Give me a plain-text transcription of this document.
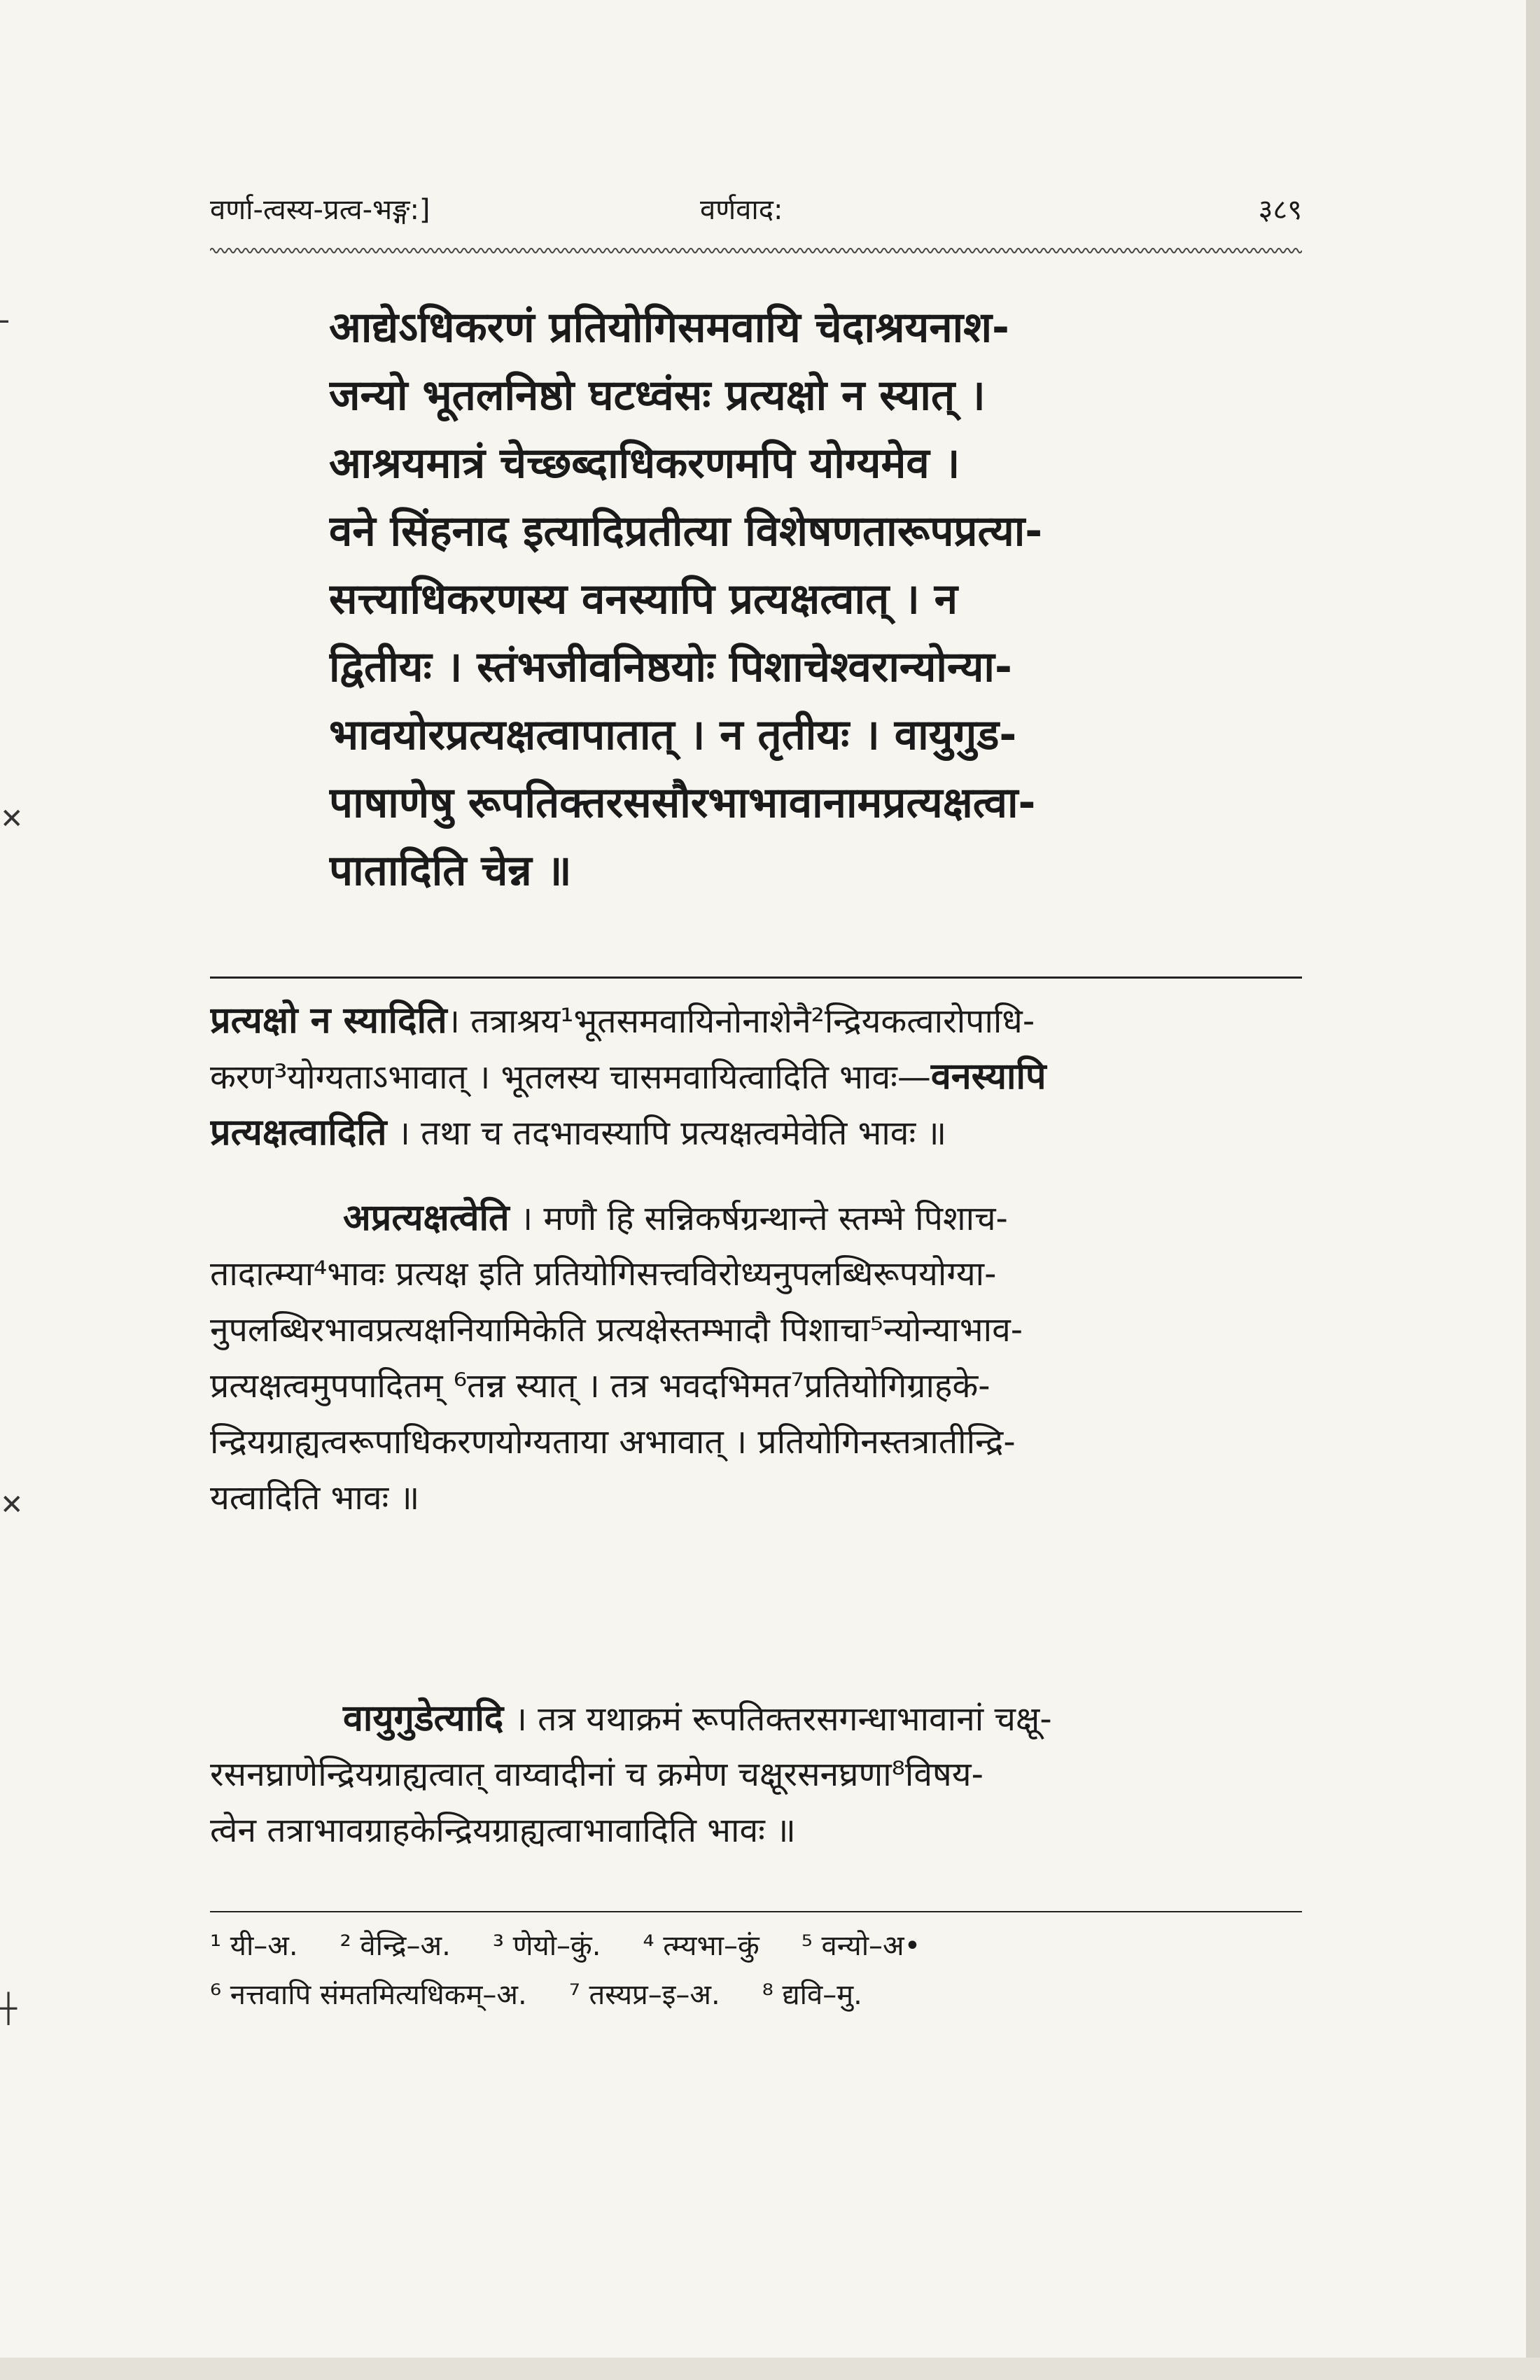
╴
✕
✕
┼
वर्णा-त्वस्य-प्रत्व-भङ्ग:]	वर्णवाद:	३८९
आद्येऽधिकरणं प्रतियोगिसमवायि चेदाश्रयनाश-
जन्यो भूतलनिष्ठो घटध्वंसः प्रत्यक्षो न स्यात् ।
आश्रयमात्रं चेच्छब्दाधिकरणमपि योग्यमेव ।
वने सिंहनाद इत्यादिप्रतीत्या विशेषणतारूपप्रत्या-
सत्त्याधिकरणस्य वनस्यापि प्रत्यक्षत्वात् । न
द्वितीयः । स्तंभजीवनिष्ठयोः पिशाचेश्वरान्योन्या-
भावयोरप्रत्यक्षत्वापातात् । न तृतीयः । वायुगुड-
पाषाणेषु रूपतिक्तरससौरभाभावानामप्रत्यक्षत्वा-
पातादिति चेन्न ॥
प्रत्यक्षो न स्यादिति। तत्राश्रय¹भूतसमवायिनोनाशेनै²न्द्रियकत्वारोपाधि-
करण³योग्यताऽभावात् । भूतलस्य चासमवायित्वादिति भावः—वनस्यापि
प्रत्यक्षत्वादिति । तथा च तदभावस्यापि प्रत्यक्षत्वमेवेति भावः ॥
अप्रत्यक्षत्वेति । मणौ हि सन्निकर्षग्रन्थान्ते स्तम्भे पिशाच-
तादात्म्या⁴भावः प्रत्यक्ष इति प्रतियोगिसत्त्वविरोध्यनुपलब्धिरूपयोग्या-
नुपलब्धिरभावप्रत्यक्षनियामिकेति प्रत्यक्षेस्तम्भादौ पिशाचा⁵न्योन्याभाव-
प्रत्यक्षत्वमुपपादितम् ⁶तन्न स्यात् । तत्र भवदभिमत⁷प्रतियोगिग्राहके-
न्द्रियग्राह्यत्वरूपाधिकरणयोग्यताया अभावात् । प्रतियोगिनस्तत्रातीन्द्रि-
यत्वादिति भावः ॥
वायुगुडेत्यादि । तत्र यथाक्रमं रूपतिक्तरसगन्धाभावानां चक्षू-
रसनघ्राणेन्द्रियग्राह्यत्वात् वाय्वादीनां च क्रमेण चक्षूरसनघ्रणा⁸विषय-
त्वेन तत्राभावग्राहकेन्द्रियग्राह्यत्वाभावादिति भावः ॥
¹ यी–अ. ² वेन्द्रि–अ. ³ णेयो–कुं. ⁴ त्म्यभा–कुं ⁵ वन्यो–अ•
⁶ नत्तवापि संमतमित्यधिकम्–अ. ⁷ तस्यप्र–इ–अ. ⁸ द्यवि–मु.
